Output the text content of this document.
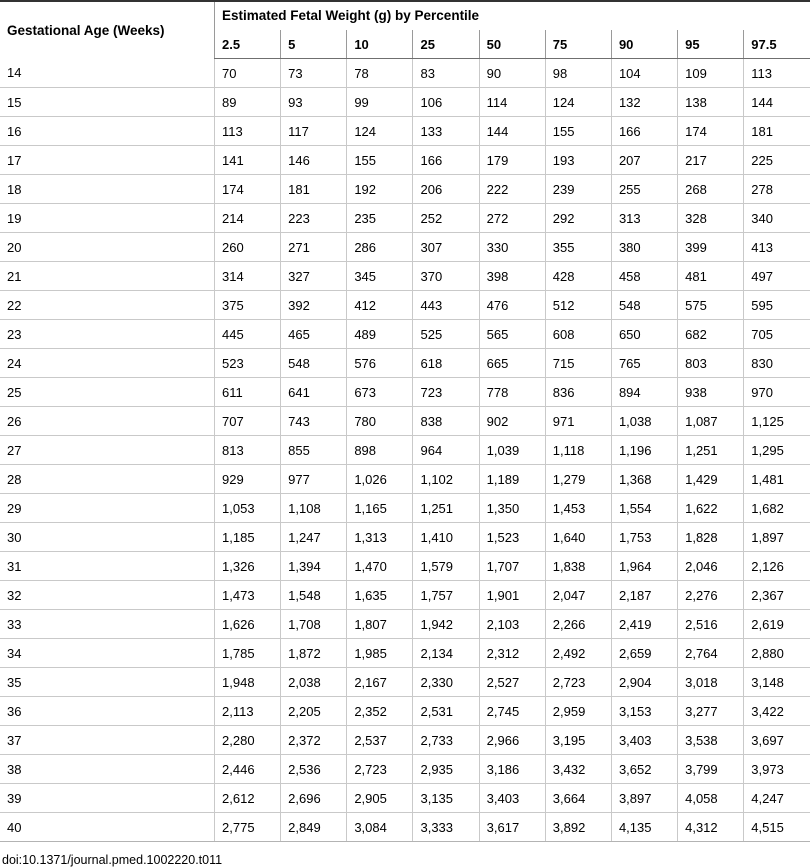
Gestational Age (Weeks)	Estimated Fetal Weight (g) by Percentile								
	2.5	5	10	25	50	75	90	95	97.5
14	70	73	78	83	90	98	104	109	113
15	89	93	99	106	114	124	132	138	144
16	113	117	124	133	144	155	166	174	181
17	141	146	155	166	179	193	207	217	225
18	174	181	192	206	222	239	255	268	278
19	214	223	235	252	272	292	313	328	340
20	260	271	286	307	330	355	380	399	413
21	314	327	345	370	398	428	458	481	497
22	375	392	412	443	476	512	548	575	595
23	445	465	489	525	565	608	650	682	705
24	523	548	576	618	665	715	765	803	830
25	611	641	673	723	778	836	894	938	970
26	707	743	780	838	902	971	1,038	1,087	1,125
27	813	855	898	964	1,039	1,118	1,196	1,251	1,295
28	929	977	1,026	1,102	1,189	1,279	1,368	1,429	1,481
29	1,053	1,108	1,165	1,251	1,350	1,453	1,554	1,622	1,682
30	1,185	1,247	1,313	1,410	1,523	1,640	1,753	1,828	1,897
31	1,326	1,394	1,470	1,579	1,707	1,838	1,964	2,046	2,126
32	1,473	1,548	1,635	1,757	1,901	2,047	2,187	2,276	2,367
33	1,626	1,708	1,807	1,942	2,103	2,266	2,419	2,516	2,619
34	1,785	1,872	1,985	2,134	2,312	2,492	2,659	2,764	2,880
35	1,948	2,038	2,167	2,330	2,527	2,723	2,904	3,018	3,148
36	2,113	2,205	2,352	2,531	2,745	2,959	3,153	3,277	3,422
37	2,280	2,372	2,537	2,733	2,966	3,195	3,403	3,538	3,697
38	2,446	2,536	2,723	2,935	3,186	3,432	3,652	3,799	3,973
39	2,612	2,696	2,905	3,135	3,403	3,664	3,897	4,058	4,247
40	2,775	2,849	3,084	3,333	3,617	3,892	4,135	4,312	4,515
doi:10.1371/journal.pmed.1002220.t011
